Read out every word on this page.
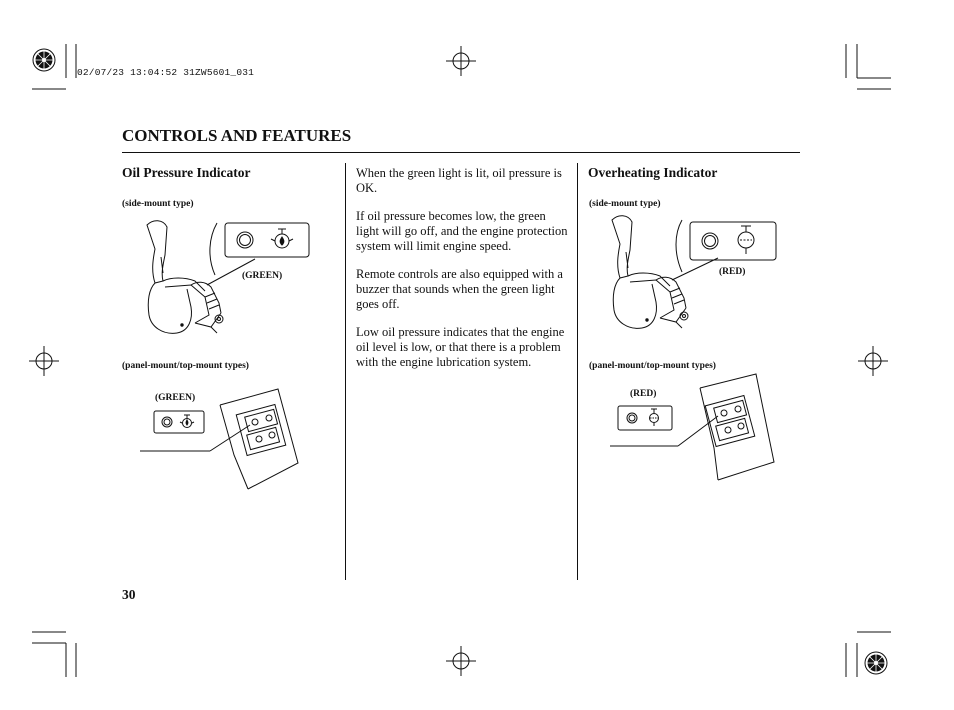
02/07/23 13:04:52 31ZW5601_031
CONTROLS AND FEATURES
Oil Pressure Indicator
(side-mount type)
(GREEN)
(panel-mount/top-mount types)
(GREEN)

When the green light is lit, oil pressure is OK.

If oil pressure becomes low, the green light will go off, and the engine protection system will limit engine speed.

Remote controls are also equipped with a buzzer that sounds when the green light goes off.

Low oil pressure indicates that the engine oil level is low, or that there is a problem with the engine lubrication system.

Overheating Indicator
(side-mount type)
(RED)
(panel-mount/top-mount types)
(RED)
30
